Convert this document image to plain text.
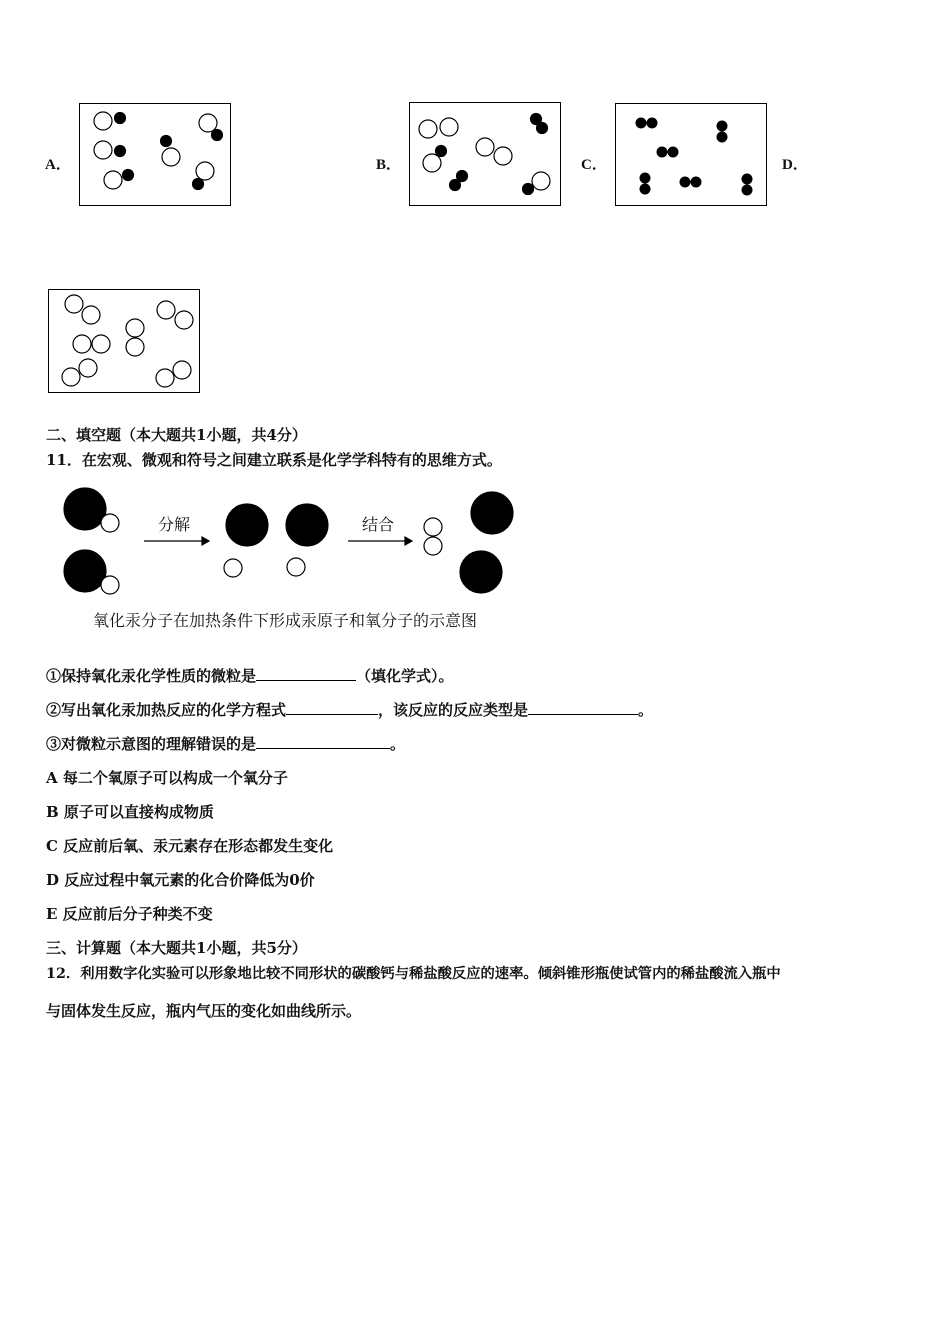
A．	B．	C．	D．
二、填空题（本大题共1小题，共4分）
11．在宏观、微观和符号之间建立联系是化学学科特有的思维方式。
分解	结合
氧化汞分子在加热条件下形成汞原子和氧分子的示意图
①保持氧化汞化学性质的微粒是	（填化学式）。
②写出氧化汞加热反应的化学方程式	，该反应的反应类型是	。
③对微粒示意图的理解错误的是	。
A 每二个氧原子可以构成一个氧分子
B 原子可以直接构成物质
C 反应前后氧、汞元素存在形态都发生变化
D 反应过程中氧元素的化合价降低为0价
E 反应前后分子种类不变
三、计算题（本大题共1小题，共5分）
12．利用数字化实验可以形象地比较不同形状的碳酸钙与稀盐酸反应的速率。倾斜锥形瓶使试管内的稀盐酸流入瓶中
与固体发生反应，瓶内气压的变化如曲线所示。
